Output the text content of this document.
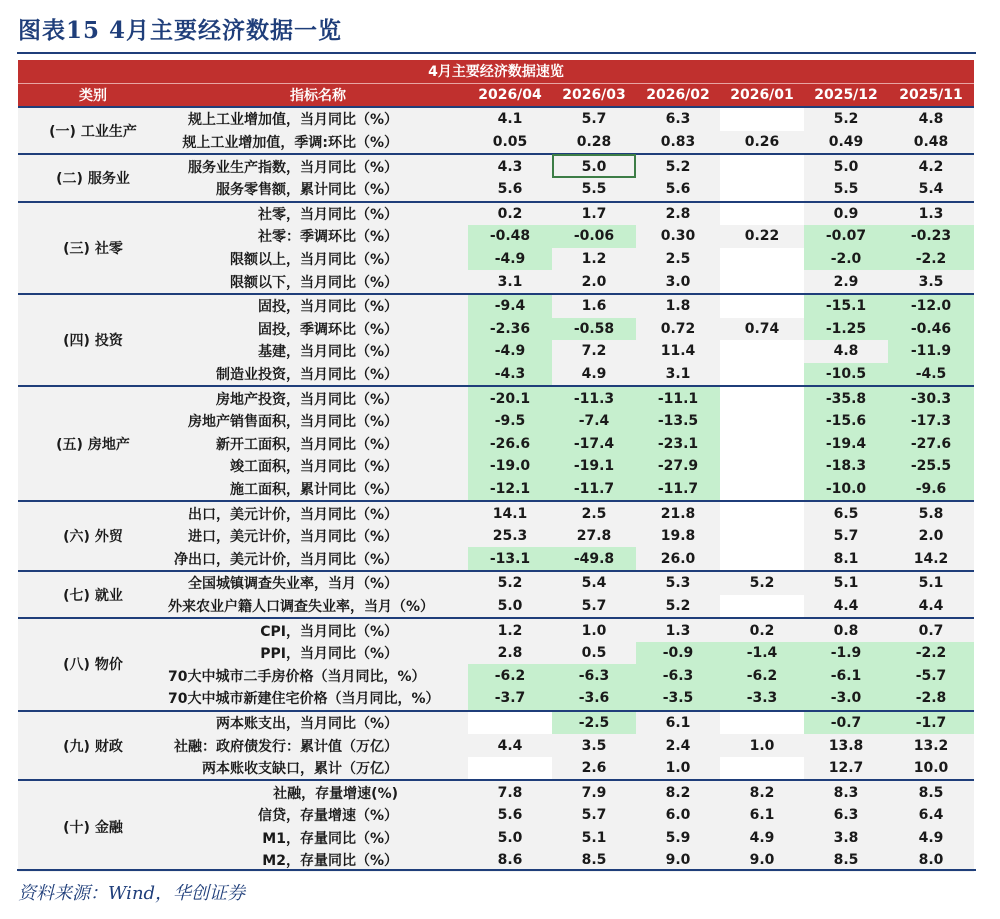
图表15 4月主要经济数据一览
4月主要经济数据速览							
类别	指标名称	2026/04	2026/03	2026/02	2026/01	2025/12	2025/11
(一) 工业生产	规上工业增加值，当月同比（%）	4.1	5.7	6.3		5.2	4.8
	规上工业增加值，季调:环比（%）	0.05	0.28	0.83	0.26	0.49	0.48
(二) 服务业	服务业生产指数，当月同比（%）	4.3	5.0	5.2		5.0	4.2
	服务零售额，累计同比（%）	5.6	5.5	5.6		5.5	5.4
(三) 社零	社零，当月同比（%）	0.2	1.7	2.8		0.9	1.3
	社零：季调环比（%）	-0.48	-0.06	0.30	0.22	-0.07	-0.23
	限额以上，当月同比（%）	-4.9	1.2	2.5		-2.0	-2.2
	限额以下，当月同比（%）	3.1	2.0	3.0		2.9	3.5
(四) 投资	固投，当月同比（%）	-9.4	1.6	1.8		-15.1	-12.0
	固投，季调环比（%）	-2.36	-0.58	0.72	0.74	-1.25	-0.46
	基建，当月同比（%）	-4.9	7.2	11.4		4.8	-11.9
	制造业投资，当月同比（%）	-4.3	4.9	3.1		-10.5	-4.5
(五) 房地产	房地产投资，当月同比（%）	-20.1	-11.3	-11.1		-35.8	-30.3
	房地产销售面积，当月同比（%）	-9.5	-7.4	-13.5		-15.6	-17.3
	新开工面积，当月同比（%）	-26.6	-17.4	-23.1		-19.4	-27.6
	竣工面积，当月同比（%）	-19.0	-19.1	-27.9		-18.3	-25.5
	施工面积，累计同比（%）	-12.1	-11.7	-11.7		-10.0	-9.6
(六) 外贸	出口，美元计价，当月同比（%）	14.1	2.5	21.8		6.5	5.8
	进口，美元计价，当月同比（%）	25.3	27.8	19.8		5.7	2.0
	净出口，美元计价，当月同比（%）	-13.1	-49.8	26.0		8.1	14.2
(七) 就业	全国城镇调查失业率，当月（%）	5.2	5.4	5.3	5.2	5.1	5.1
	外来农业户籍人口调查失业率，当月（%）	5.0	5.7	5.2		4.4	4.4
(八) 物价	CPI，当月同比（%）	1.2	1.0	1.3	0.2	0.8	0.7
	PPI，当月同比（%）	2.8	0.5	-0.9	-1.4	-1.9	-2.2
	70大中城市二手房价格（当月同比，%）	-6.2	-6.3	-6.3	-6.2	-6.1	-5.7
	70大中城市新建住宅价格（当月同比，%）	-3.7	-3.6	-3.5	-3.3	-3.0	-2.8
(九) 财政	两本账支出，当月同比（%）		-2.5	6.1		-0.7	-1.7
	社融：政府债发行：累计值（万亿）	4.4	3.5	2.4	1.0	13.8	13.2
	两本账收支缺口，累计（万亿）		2.6	1.0		12.7	10.0
(十) 金融	社融，存量增速(%)	7.8	7.9	8.2	8.2	8.3	8.5
	信贷，存量增速（%）	5.6	5.7	6.0	6.1	6.3	6.4
	M1，存量同比（%）	5.0	5.1	5.9	4.9	3.8	4.9
	M2，存量同比（%）	8.6	8.5	9.0	9.0	8.5	8.0
资料来源：Wind，华创证券
